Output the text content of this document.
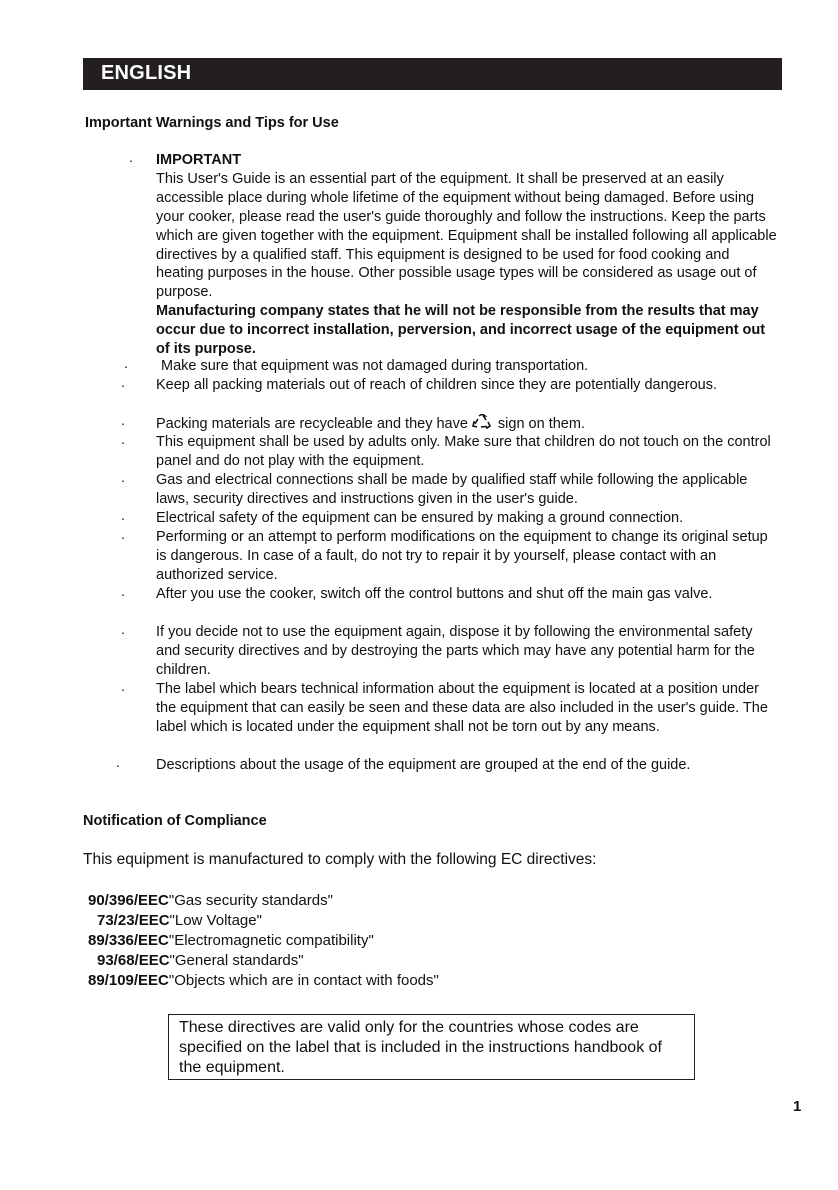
ENGLISH
Important Warnings and Tips for Use
· IMPORTANT
This User's Guide is an essential part of the equipment. It shall be preserved at an easily accessible place during whole lifetime of the equipment without being damaged. Before using your cooker, please read the user's guide thoroughly and follow the instructions. Keep the parts which are given together with the equipment. Equipment shall be installed following all applicable directives by a qualified staff. This equipment is designed to be used for food cooking and heating purposes in the house. Other possible usage types will be considered as usage out of purpose.
Manufacturing company states that he will not be responsible from the results that may occur due to incorrect installation, perversion, and incorrect usage of the equipment out of its purpose.
· Make sure that equipment was not damaged during transportation.
· Keep all packing materials out of reach of children since they are potentially dangerous.
· Packing materials are recycleable and they have sign on them.
· This equipment shall be used by adults only. Make sure that children do not touch on the control panel and do not play with the equipment.
· Gas and electrical connections shall be made by qualified staff while following the applicable laws, security directives and instructions given in the user's guide.
· Electrical safety of the equipment can be ensured by making a ground connection.
· Performing or an attempt to perform modifications on the equipment to change its original setup is dangerous. In case of a fault, do not try to repair it by yourself, please contact with an authorized service.
· After you use the cooker, switch off the control buttons and shut off the main gas valve.
· If you decide not to use the equipment again, dispose it by following the environmental safety and security directives and by destroying the parts which may have any potential harm for the children.
· The label which bears technical information about the equipment is located at a position under the equipment that can easily be seen and these data are also included in the user's guide. The label which is located under the equipment shall not be torn out by any means.
· Descriptions about the usage of the equipment are grouped at the end of the guide.
Notification of Compliance
This equipment is manufactured to comply with the following EC directives:
90/396/EEC"Gas security standards"
73/23/EEC"Low Voltage"
89/336/EEC"Electromagnetic compatibility"
93/68/EEC"General standards"
89/109/EEC"Objects which are in contact with foods"
These directives are valid only for the countries whose codes are specified on the label that is included in the instructions handbook of the equipment.
1
